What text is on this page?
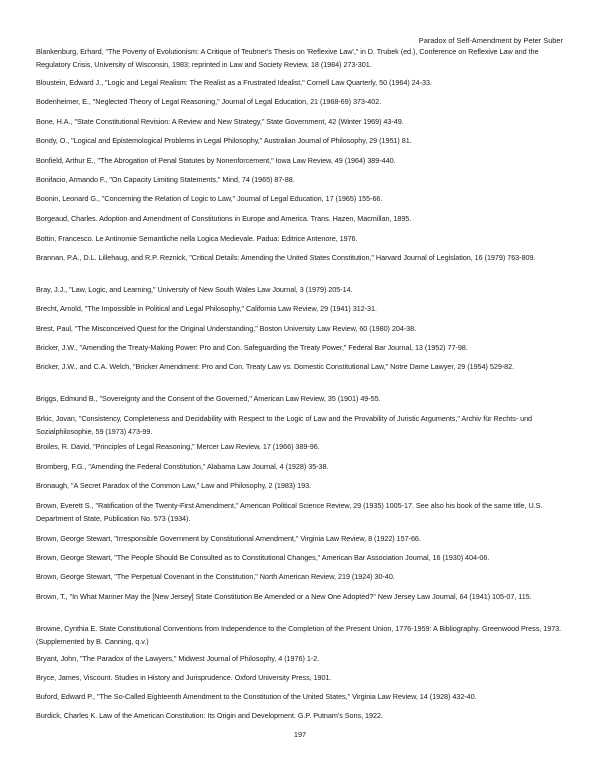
Paradox of Self-Amendment by Peter Suber
Blankenburg, Erhard, "The Poverty of Evolutionism: A Critique of Teubner's Thesis on 'Reflexive Law'," in D. Trubek (ed.), Conference on Reflexive Law and the Regulatory Crisis, University of Wisconsin, 1983; reprinted in Law and Society Review, 18 (1984) 273-301.
Bloustein, Edward J., "Logic and Legal Realism: The Realist as a Frustrated Idealist," Cornell Law Quarterly, 50 (1964) 24-33.
Bodenheimer, E., "Neglected Theory of Legal Reasoning," Journal of Legal Education, 21 (1968-69) 373-402.
Bone, H.A., "State Constitutional Revision: A Review and New Strategy," State Government, 42 (Winter 1969) 43-49.
Bondy, O., "Logical and Epistemological Problems in Legal Philosophy," Australian Journal of Philosophy, 29 (1951) 81.
Bonfield, Arthur E., "The Abrogation of Penal Statutes by Nonenforcement," Iowa Law Review, 49 (1964) 389-440.
Bonifacio, Armando F., "On Capacity Limiting Statements," Mind, 74 (1965) 87-88.
Boonin, Leonard G., "Concerning the Relation of Logic to Law," Journal of Legal Education, 17 (1965) 155-66.
Borgeaud, Charles. Adoption and Amendment of Constitutions in Europe and America. Trans. Hazen, Macmillan, 1895.
Bottin, Francesco. Le Antinomie Semantliche nella Logica Medievale. Padua: Editrice Antenore, 1976.
Brannan, P.A., D.L. Lillehaug, and R.P. Reznick, "Critical Details: Amending the United States Constitution," Harvard Journal of Legislation, 16 (1979) 763-809.
Bray, J.J., "Law, Logic, and Learning," University of New South Wales Law Journal, 3 (1979) 205-14.
Brecht, Arnold, "The Impossible in Political and Legal Philosophy," California Law Review, 29 (1941) 312-31.
Brest, Paul, "The Misconceived Quest for the Original Understanding," Boston University Law Review, 60 (1980) 204-38.
Bricker, J.W., "Amending the Treaty-Making Power: Pro and Con. Safeguarding the Treaty Power," Federal Bar Journal, 13 (1952) 77-98.
Bricker, J.W., and C.A. Welch, "Bricker Amendment: Pro and Con. Treaty Law vs. Domestic Constitutional Law," Notre Dame Lawyer, 29 (1954) 529-82.
Briggs, Edmund B., "Sovereignty and the Consent of the Governed," American Law Review, 35 (1901) 49-55.
Brkic, Jovan, "Consistency, Completeness and Decidability with Respect to the Logic of Law and the Provability of Juristic Arguments," Archiv für Rechts- und Sozialphilosophie, 59 (1973) 473-99.
Broiles, R. David, "Principles of Legal Reasoning," Mercer Law Review, 17 (1966) 389-96.
Bromberg, F.G., "Amending the Federal Constitution," Alabama Law Journal, 4 (1928) 35-38.
Bronaugh, "A Secret Paradox of the Common Law," Law and Philosophy, 2 (1983) 193.
Brown, Everett S., "Ratification of the Twenty-First Amendment," American Political Science Review, 29 (1935) 1005-17. See also his book of the same title, U.S. Department of State, Publication No. 573 (1934).
Brown, George Stewart, "Irresponsible Government by Constitutional Amendment," Virginia Law Review, 8 (1922) 157-66.
Brown, George Stewart, "The People Should Be Consulted as to Constitutional Changes," American Bar Association Journal, 16 (1930) 404-06.
Brown, George Stewart, "The Perpetual Covenant in the Constitution," North American Review, 219 (1924) 30-40.
Brown, T., "In What Manner May the [New Jersey] State Constitution Be Amended or a New One Adopted?" New Jersey Law Journal, 64 (1941) 105-07, 115.
Browne, Cynthia E. State Constitutional Conventions from Independence to the Completion of the Present Union, 1776-1959: A Bibliography. Greenwood Press, 1973. (Supplemented by B. Canning, q.v.)
Bryant, John, "The Paradox of the Lawyers," Midwest Journal of Philosophy, 4 (1976) 1-2.
Bryce, James, Viscount. Studies in History and Jurisprudence. Oxford University Press, 1901.
Buford, Edward P., "The So-Called Eighteenth Amendment to the Constitution of the United States," Virginia Law Review, 14 (1928) 432-40.
Burdick, Charles K. Law of the American Constitution: Its Origin and Development. G.P. Putnam's Sons, 1922.
197
